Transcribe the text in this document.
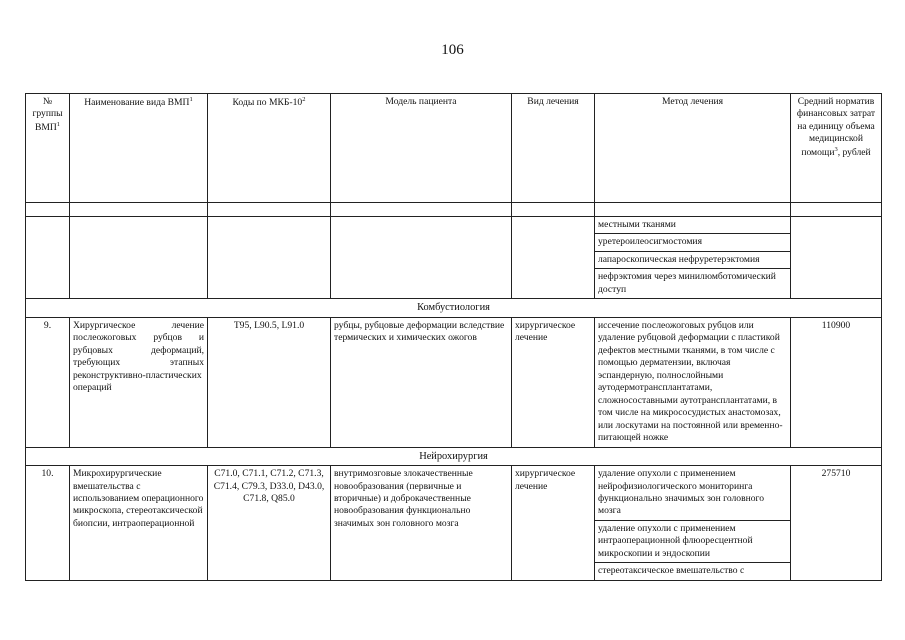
106
№ группы ВМП$^1$	Наименование вида ВМП$^1$	Коды по МКБ-$10^2$	Модель пациента	Вид лечения	Метод лечения	Средний норматив финансовых затрат на единицу объема медицинской помощи$^3$, рублей

					местными тканями
уретероилеосигмостомия
лапароскопическая нефруретерэктомия
нефрэктомия через минилюмботомический доступ	

Комбустиология						
9.	Хирургическое лечение послеожоговых рубцов и рубцовых деформаций, требующих этапных реконструктивно-пластических операций	Т95, L90.5, L91.0	рубцы, рубцовые деформации вследствие термических и химических ожогов	хирургическое лечение	иссечение послеожоговых рубцов или удаление рубцовой деформации с пластикой дефектов местными тканями, в том числе с помощью дерматензии, включая эспандерную, полнослойными аутодермотрансплантатами, сложносоставными аутотрансплантатами, в том числе на микрососудистых анастомозах, или лоскутами на постоянной или временно-питающей ножке	110900
Нейрохирургия						
10.	Микрохирургические вмешательства с использованием операционного микроскопа, стереотаксической биопсии, интраоперационной	C71.0, C71.1, C71.2, C71.3, C71.4, C79.3, D33.0, D43.0, C71.8, Q85.0	внутримозговые злокачественные новообразования (первичные и вторичные) и доброкачественные новообразования функционально значимых зон головного мозга	хирургическое лечение	удаление опухоли с применением нейрофизиологического мониторинга функционально значимых зон головного мозга
удаление опухоли с применением интраоперационной флюоресцентной микроскопии и эндоскопии
стереотаксическое вмешательство с	275710
